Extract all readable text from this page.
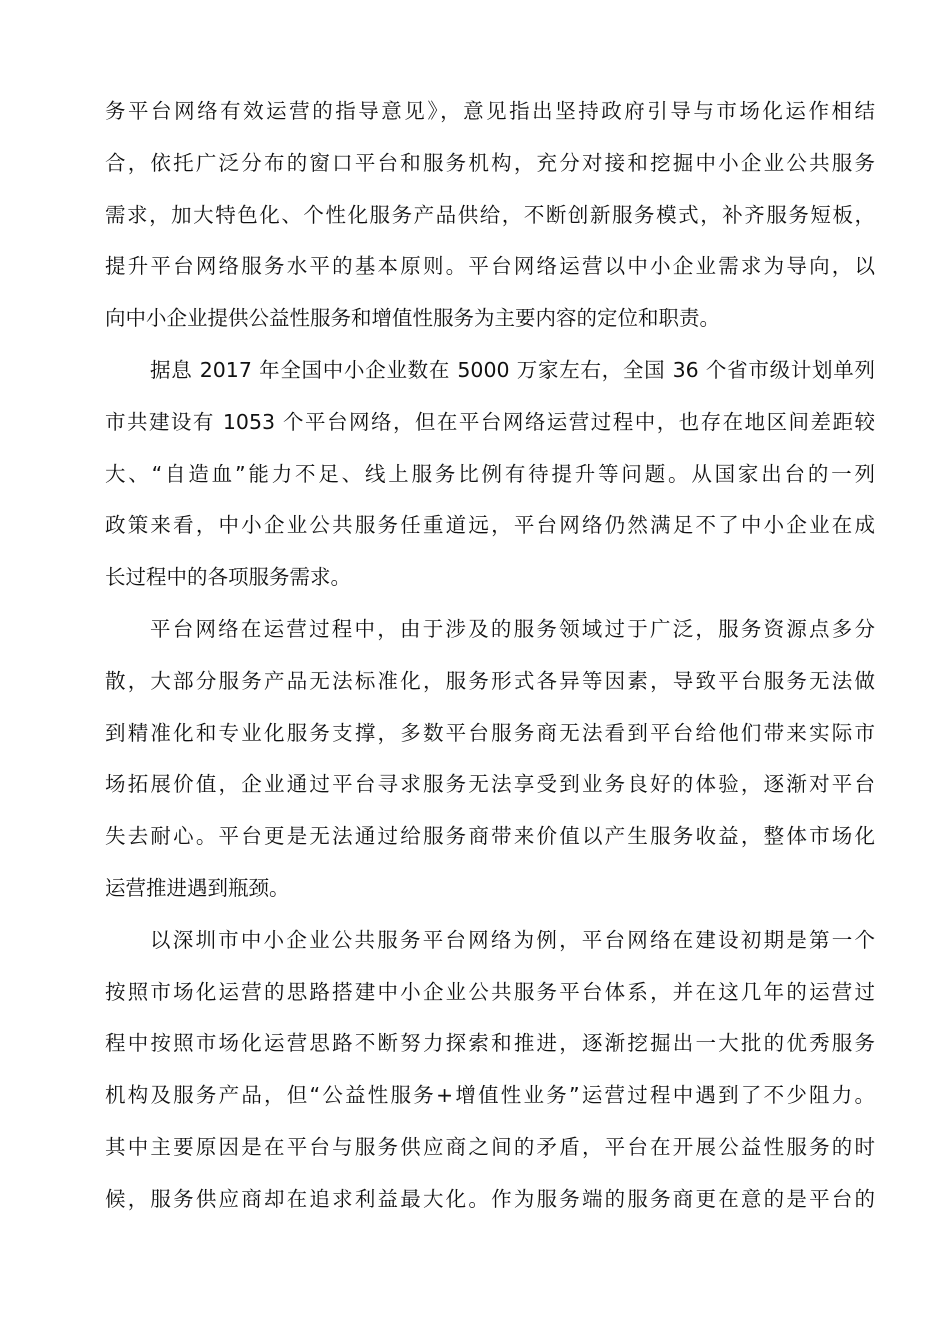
务平台网络有效运营的指导意见》，意见指出坚持政府引导与市场化运作相结
合，依托广泛分布的窗口平台和服务机构，充分对接和挖掘中小企业公共服务
需求，加大特色化、个性化服务产品供给，不断创新服务模式，补齐服务短板，
提升平台网络服务水平的基本原则。平台网络运营以中小企业需求为导向，以
向中小企业提供公益性服务和增值性服务为主要内容的定位和职责。

据息 2017 年全国中小企业数在 5000 万家左右，全国 36 个省市级计划单列
市共建设有 1053 个平台网络，但在平台网络运营过程中，也存在地区间差距较
大、“自造血”能力不足、线上服务比例有待提升等问题。从国家出台的一列
政策来看，中小企业公共服务任重道远，平台网络仍然满足不了中小企业在成
长过程中的各项服务需求。

平台网络在运营过程中，由于涉及的服务领域过于广泛，服务资源点多分
散，大部分服务产品无法标准化，服务形式各异等因素，导致平台服务无法做
到精准化和专业化服务支撑，多数平台服务商无法看到平台给他们带来实际市
场拓展价值，企业通过平台寻求服务无法享受到业务良好的体验，逐渐对平台
失去耐心。平台更是无法通过给服务商带来价值以产生服务收益，整体市场化
运营推进遇到瓶颈。

以深圳市中小企业公共服务平台网络为例，平台网络在建设初期是第一个
按照市场化运营的思路搭建中小企业公共服务平台体系，并在这几年的运营过
程中按照市场化运营思路不断努力探索和推进，逐渐挖掘出一大批的优秀服务
机构及服务产品，但“公益性服务+增值性业务”运营过程中遇到了不少阻力。
其中主要原因是在平台与服务供应商之间的矛盾，平台在开展公益性服务的时
候，服务供应商却在追求利益最大化。作为服务端的服务商更在意的是平台的
